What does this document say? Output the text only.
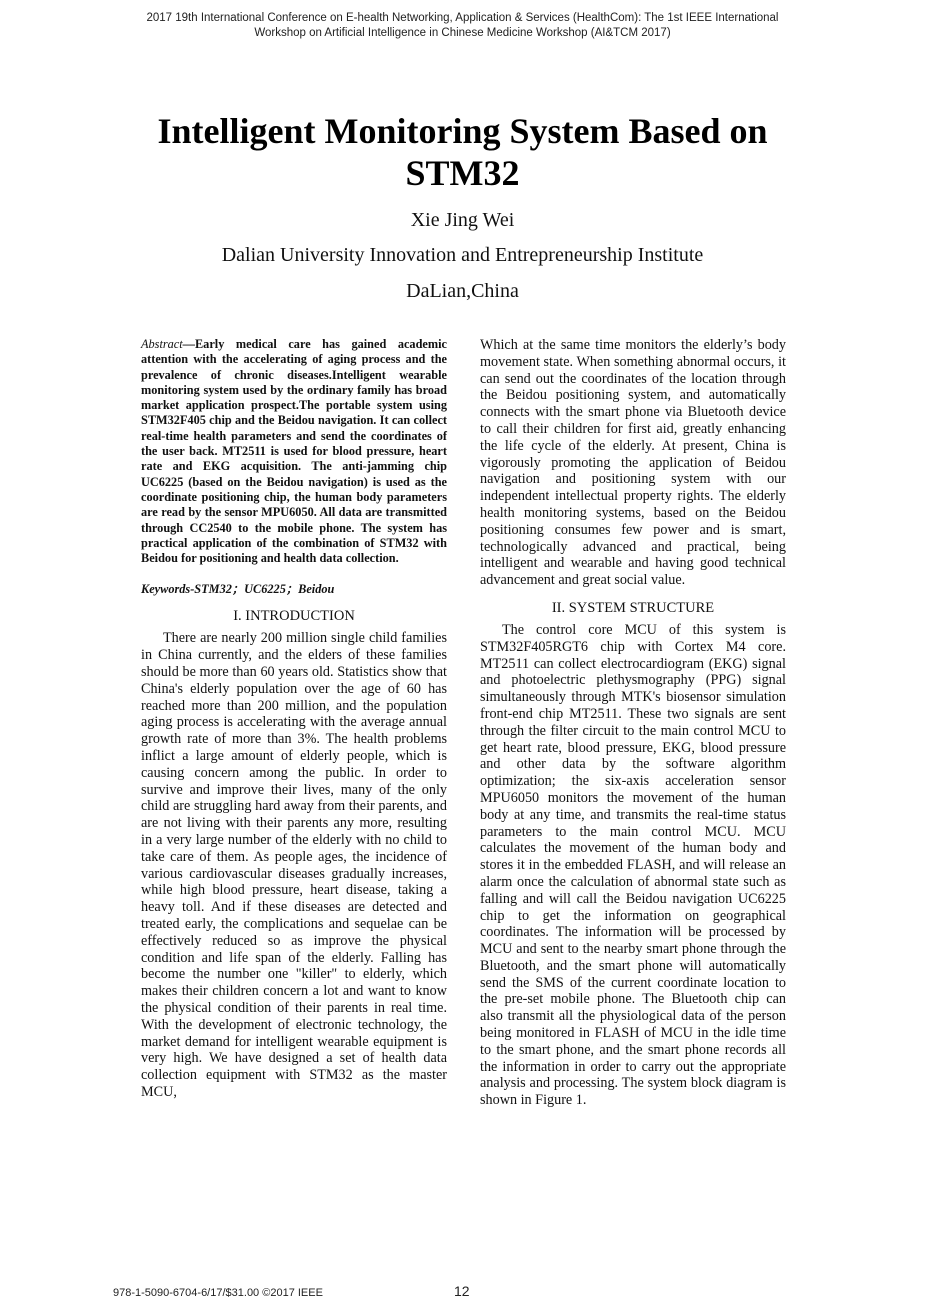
2017 19th International Conference on E-health Networking, Application & Services (HealthCom): The 1st IEEE International
Workshop on Artificial Intelligence in Chinese Medicine Workshop (AI&TCM 2017)
Intelligent Monitoring System Based on
STM32
Xie Jing Wei
Dalian University Innovation and Entrepreneurship Institute
DaLian,China

Abstract—Early medical care has gained academic attention with the accelerating of aging process and the prevalence of chronic diseases.Intelligent wearable monitoring system used by the ordinary family has broad market application prospect.The portable system using STM32F405 chip and the Beidou navigation. It can collect real-time health parameters and send the coordinates of the user back. MT2511 is used for blood pressure, heart rate and EKG acquisition. The anti-jamming chip UC6225 (based on the Beidou navigation) is used as the coordinate positioning chip, the human body parameters are read by the sensor MPU6050. All data are transmitted through CC2540 to the mobile phone. The system has practical application of the combination of STM32 with Beidou for positioning and health data collection.

Keywords-STM32；UC6225；Beidou

I. INTRODUCTION

There are nearly 200 million single child families in China currently, and the elders of these families should be more than 60 years old. Statistics show that China's elderly population over the age of 60 has reached more than 200 million, and the population aging process is accelerating with the average annual growth rate of more than 3%. The health problems inflict a large amount of elderly people, which is causing concern among the public. In order to survive and improve their lives, many of the only child are struggling hard away from their parents, and are not living with their parents any more, resulting in a very large number of the elderly with no child to take care of them. As people ages, the incidence of various cardiovascular diseases gradually increases, while high blood pressure, heart disease, taking a heavy toll. And if these diseases are detected and treated early, the complications and sequelae can be effectively reduced so as improve the physical condition and life span of the elderly. Falling has become the number one "killer" to elderly, which makes their children concern a lot and want to know the physical condition of their parents in real time. With the development of electronic technology, the market demand for intelligent wearable equipment is very high. We have designed a set of health data collection equipment with STM32 as the master MCU,

Which at the same time monitors the elderly’s body movement state. When something abnormal occurs, it can send out the coordinates of the location through the Beidou positioning system, and automatically connects with the smart phone via Bluetooth device to call their children for first aid, greatly enhancing the life cycle of the elderly. At present, China is vigorously promoting the application of Beidou navigation and positioning system with our independent intellectual property rights. The elderly health monitoring systems, based on the Beidou positioning consumes few power and is smart, technologically advanced and practical, being intelligent and wearable and having good technical advancement and great social value.

II. SYSTEM STRUCTURE

The control core MCU of this system is STM32F405RGT6 chip with Cortex M4 core. MT2511 can collect electrocardiogram (EKG) signal and photoelectric plethysmography (PPG) signal simultaneously through MTK's biosensor simulation front-end chip MT2511. These two signals are sent through the filter circuit to the main control MCU to get heart rate, blood pressure, EKG, blood pressure and other data by the software algorithm optimization; the six-axis acceleration sensor MPU6050 monitors the movement of the human body at any time, and transmits the real-time status parameters to the main control MCU. MCU calculates the movement of the human body and stores it in the embedded FLASH, and will release an alarm once the calculation of abnormal state such as falling and will call the Beidou navigation UC6225 chip to get the information on geographical coordinates. The information will be processed by MCU and sent to the nearby smart phone through the Bluetooth, and the smart phone will automatically send the SMS of the current coordinate location to the pre-set mobile phone. The Bluetooth chip can also transmit all the physiological data of the person being monitored in FLASH of MCU in the idle time to the smart phone, and the smart phone records all the information in order to carry out the appropriate analysis and processing. The system block diagram is shown in Figure 1.

978-1-5090-6704-6/17/$31.00 ©2017 IEEE	12
